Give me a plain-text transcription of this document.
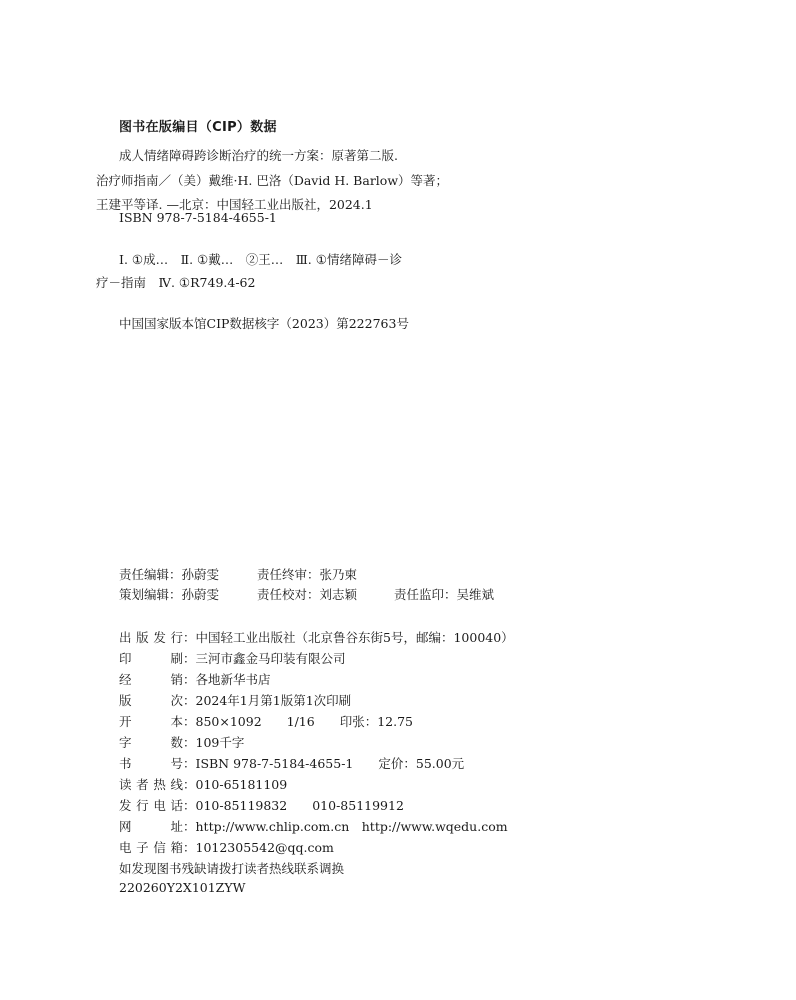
图书在版编目（CIP）数据
成人情绪障碍跨诊断治疗的统一方案：原著第二版.
治疗师指南／（美）戴维·H. 巴洛（David H. Barlow）等著；
王建平等译. —北京：中国轻工业出版社，2024.1
ISBN 978-7-5184-4655-1
Ⅰ. ①成…　Ⅱ. ①戴…　②王…　Ⅲ. ①情绪障碍－诊
疗－指南　Ⅳ. ①R749.4-62
中国国家版本馆CIP数据核字（2023）第222763号
责任编辑：孙蔚雯	责任终审：张乃柬
策划编辑：孙蔚雯	责任校对：刘志颖	责任监印：吴维斌
出版发行：中国轻工业出版社（北京鲁谷东街5号，邮编：100040）
印　　刷：三河市鑫金马印装有限公司
经　　销：各地新华书店
版　　次：2024年1月第1版第1次印刷
开　　本：850×1092　　1/16　　印张：12.75
字　　数：109千字
书　　号：ISBN 978-7-5184-4655-1　　定价：55.00元
读者热线：010-65181109
发行电话：010-85119832　　010-85119912
网　　址：http://www.chlip.com.cn　http://www.wqedu.com
电子信箱：1012305542@qq.com
如发现图书残缺请拨打读者热线联系调换
220260Y2X101ZYW
